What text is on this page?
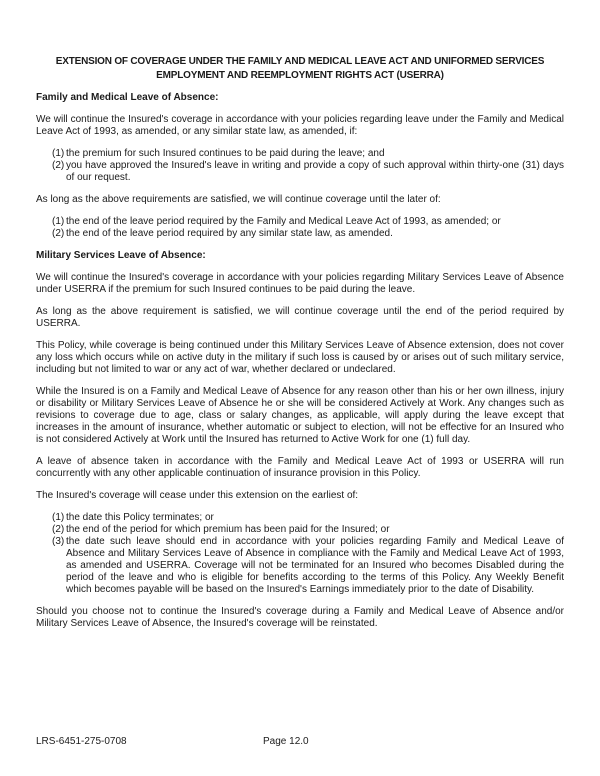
EXTENSION OF COVERAGE UNDER THE FAMILY AND MEDICAL LEAVE ACT AND UNIFORMED SERVICES
EMPLOYMENT AND REEMPLOYMENT RIGHTS ACT (USERRA)
Family and Medical Leave of Absence:

We will continue the Insured's coverage in accordance with your policies regarding leave under the Family and Medical Leave Act of 1993, as amended, or any similar state law, as amended, if:

(1) the premium for such Insured continues to be paid during the leave; and
(2) you have approved the Insured's leave in writing and provide a copy of such approval within thirty-one (31) days of our request.

As long as the above requirements are satisfied, we will continue coverage until the later of:

(1) the end of the leave period required by the Family and Medical Leave Act of 1993, as amended; or
(2) the end of the leave period required by any similar state law, as amended.
Military Services Leave of Absence:

We will continue the Insured's coverage in accordance with your policies regarding Military Services Leave of Absence under USERRA if the premium for such Insured continues to be paid during the leave.

As long as the above requirement is satisfied, we will continue coverage until the end of the period required by USERRA.

This Policy, while coverage is being continued under this Military Services Leave of Absence extension, does not cover any loss which occurs while on active duty in the military if such loss is caused by or arises out of such military service, including but not limited to war or any act of war, whether declared or undeclared.

While the Insured is on a Family and Medical Leave of Absence for any reason other than his or her own illness, injury or disability or Military Services Leave of Absence he or she will be considered Actively at Work. Any changes such as revisions to coverage due to age, class or salary changes, as applicable, will apply during the leave except that increases in the amount of insurance, whether automatic or subject to election, will not be effective for an Insured who is not considered Actively at Work until the Insured has returned to Active Work for one (1) full day.

A leave of absence taken in accordance with the Family and Medical Leave Act of 1993 or USERRA will run concurrently with any other applicable continuation of insurance provision in this Policy.

The Insured's coverage will cease under this extension on the earliest of:

(1) the date this Policy terminates; or
(2) the end of the period for which premium has been paid for the Insured; or
(3) the date such leave should end in accordance with your policies regarding Family and Medical Leave of Absence and Military Services Leave of Absence in compliance with the Family and Medical Leave Act of 1993, as amended and USERRA. Coverage will not be terminated for an Insured who becomes Disabled during the period of the leave and who is eligible for benefits according to the terms of this Policy. Any Weekly Benefit which becomes payable will be based on the Insured's Earnings immediately prior to the date of Disability.

Should you choose not to continue the Insured's coverage during a Family and Medical Leave of Absence and/or Military Services Leave of Absence, the Insured's coverage will be reinstated.

LRS-6451-275-0708	Page 12.0
